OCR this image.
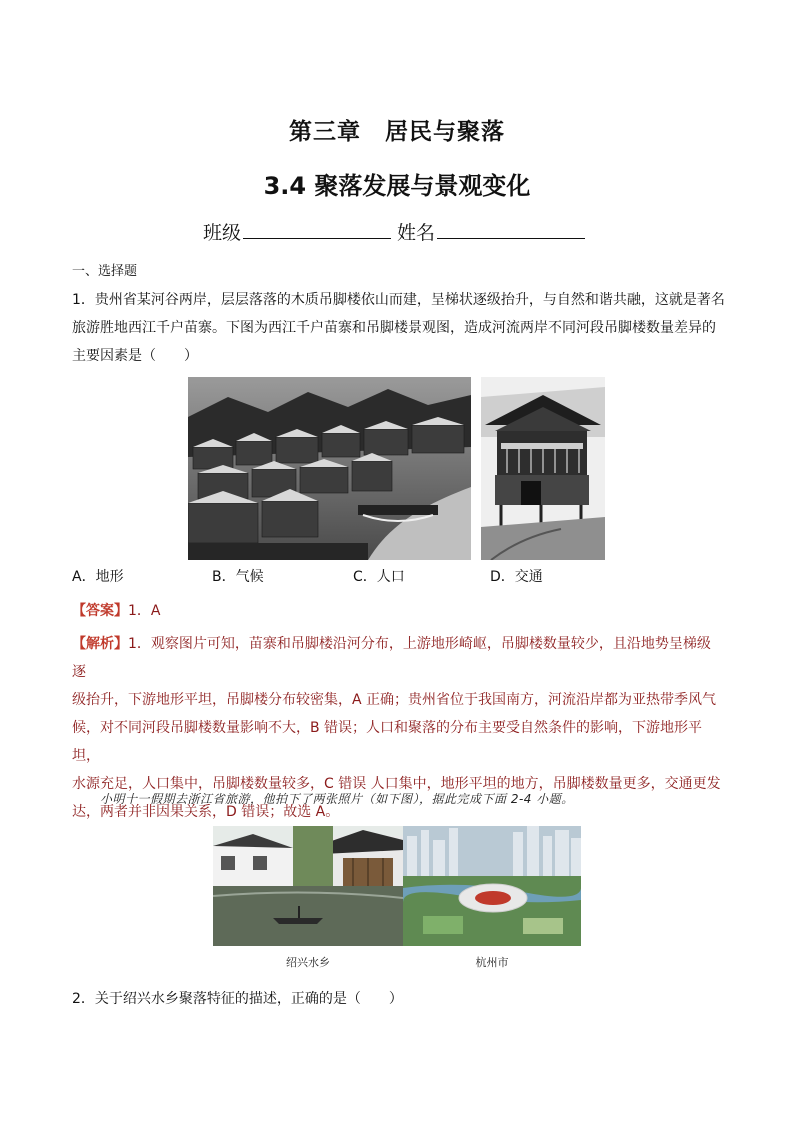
第三章　居民与聚落
3.4 聚落发展与景观变化
班级	姓名
一、选择题

1．贵州省某河谷两岸，层层落落的木质吊脚楼依山而建，呈梯状逐级抬升，与自然和谐共融，这就是著名

旅游胜地西江千户苗寨。下图为西江千户苗寨和吊脚楼景观图，造成河流两岸不同河段吊脚楼数量差异的

主要因素是（　　）

A．地形	B．气候	C．人口	D．交通
【答案】1．A
【解析】1．观察图片可知，苗寨和吊脚楼沿河分布，上游地形崎岖，吊脚楼数量较少，且沿地势呈梯级逐
级抬升，下游地形平坦，吊脚楼分布较密集，A 正确；贵州省位于我国南方，河流沿岸都为亚热带季风气
候，对不同河段吊脚楼数量影响不大，B 错误；人口和聚落的分布主要受自然条件的影响，下游地形平坦，
水源充足，人口集中，吊脚楼数量较多，C 错误 人口集中，地形平坦的地方，吊脚楼数量更多，交通更发
达，两者并非因果关系，D 错误；故选 A。
小明十一假期去浙江省旅游，他拍下了两张照片（如下图），据此完成下面 2-4 小题。
绍兴水乡	杭州市
2．关于绍兴水乡聚落特征的描述，正确的是（　　）
